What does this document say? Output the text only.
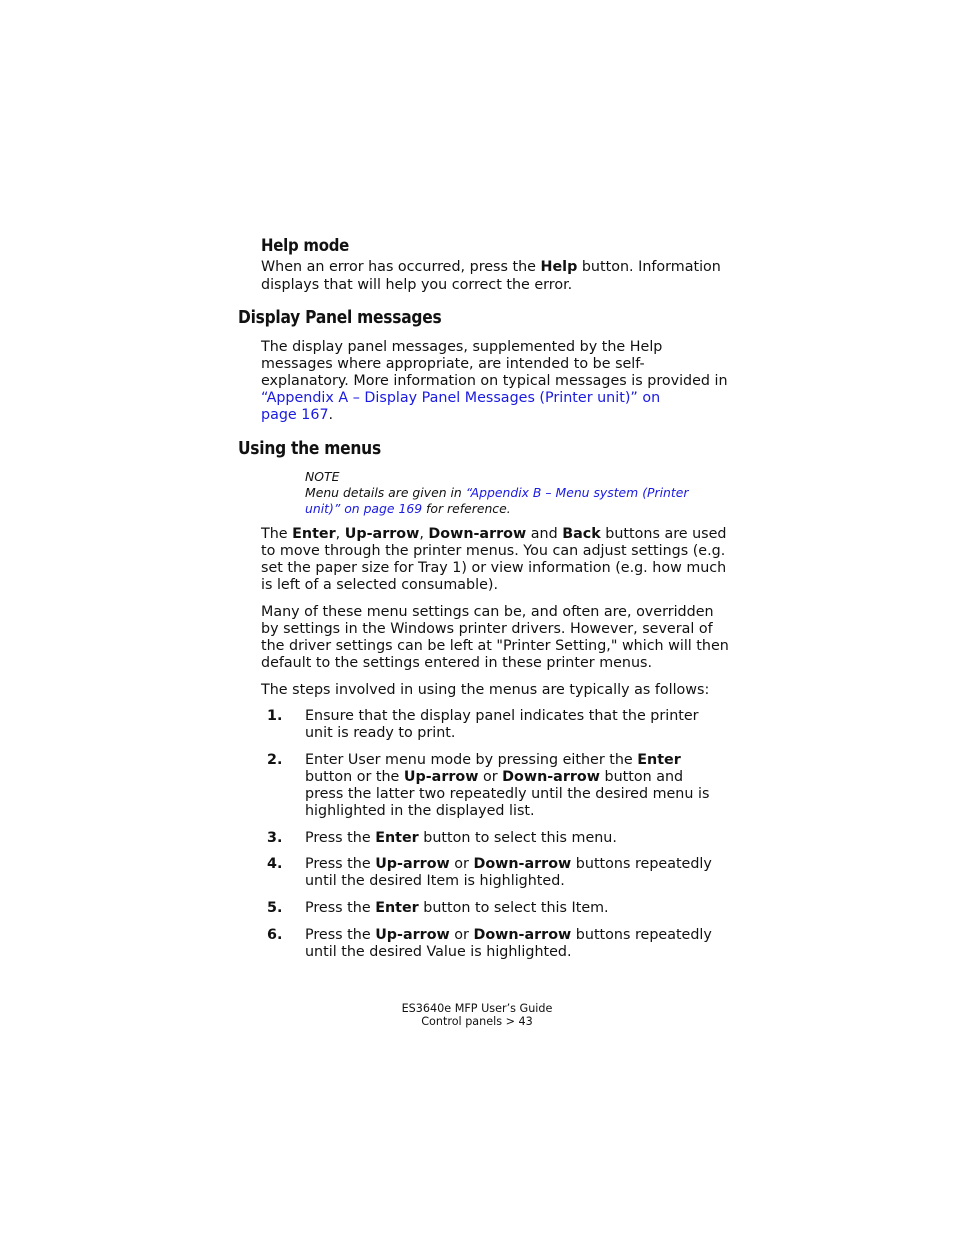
Help mode
When an error has occurred, press the Help button. Information
displays that will help you correct the error.
Display Panel messages
The display panel messages, supplemented by the Help
messages where appropriate, are intended to be self-
explanatory. More information on typical messages is provided in
“Appendix A – Display Panel Messages (Printer unit)” on
page 167.
Using the menus
NOTE
Menu details are given in “Appendix B – Menu system (Printer
unit)” on page 169 for reference.
The Enter, Up-arrow, Down-arrow and Back buttons are used
to move through the printer menus. You can adjust settings (e.g.
set the paper size for Tray 1) or view information (e.g. how much
is left of a selected consumable).
Many of these menu settings can be, and often are, overridden
by settings in the Windows printer drivers. However, several of
the driver settings can be left at "Printer Setting," which will then
default to the settings entered in these printer menus.
The steps involved in using the menus are typically as follows:
1. Ensure that the display panel indicates that the printer
unit is ready to print.
2. Enter User menu mode by pressing either the Enter
button or the Up-arrow or Down-arrow button and
press the latter two repeatedly until the desired menu is
highlighted in the displayed list.
3. Press the Enter button to select this menu.
4. Press the Up-arrow or Down-arrow buttons repeatedly
until the desired Item is highlighted.
5. Press the Enter button to select this Item.
6. Press the Up-arrow or Down-arrow buttons repeatedly
until the desired Value is highlighted.
ES3640e MFP User’s Guide
Control panels > 43
